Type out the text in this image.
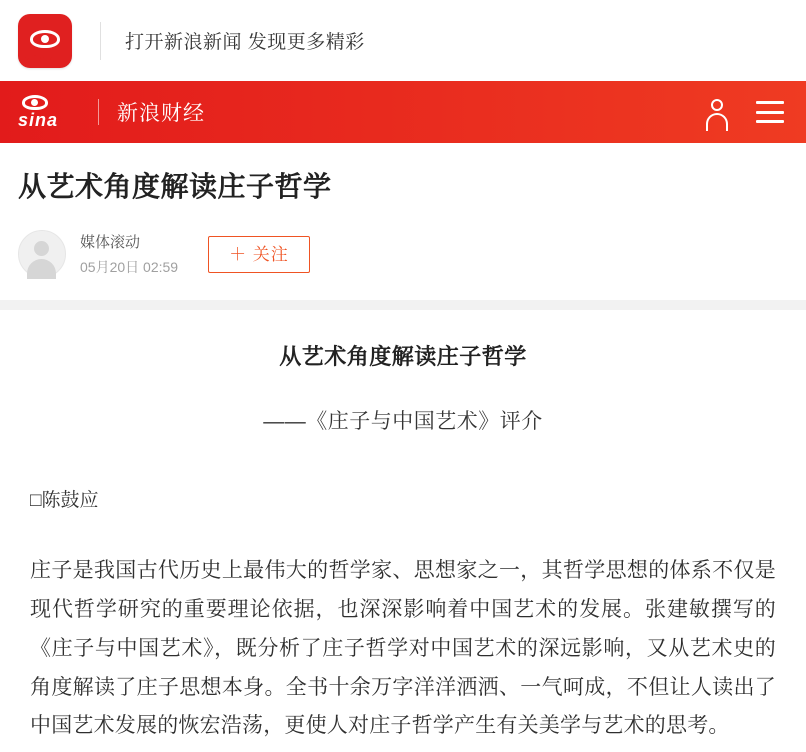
sina
打开新浪新闻 发现更多精彩
sina	新浪财经
从艺术角度解读庄子哲学
媒体滚动
05月20日 02:59
＋ 关注
从艺术角度解读庄子哲学
——《庄子与中国艺术》评介
□陈鼓应

庄子是我国古代历史上最伟大的哲学家、思想家之一，其哲学思想的体系不仅是现代哲学研究的重要理论依据，也深深影响着中国艺术的发展。张建敏撰写的《庄子与中国艺术》，既分析了庄子哲学对中国艺术的深远影响，又从艺术史的角度解读了庄子思想本身。全书十余万字洋洋洒洒、一气呵成，不但让人读出了中国艺术发展的恢宏浩荡，更使人对庄子哲学产生有关美学与艺术的思考。
